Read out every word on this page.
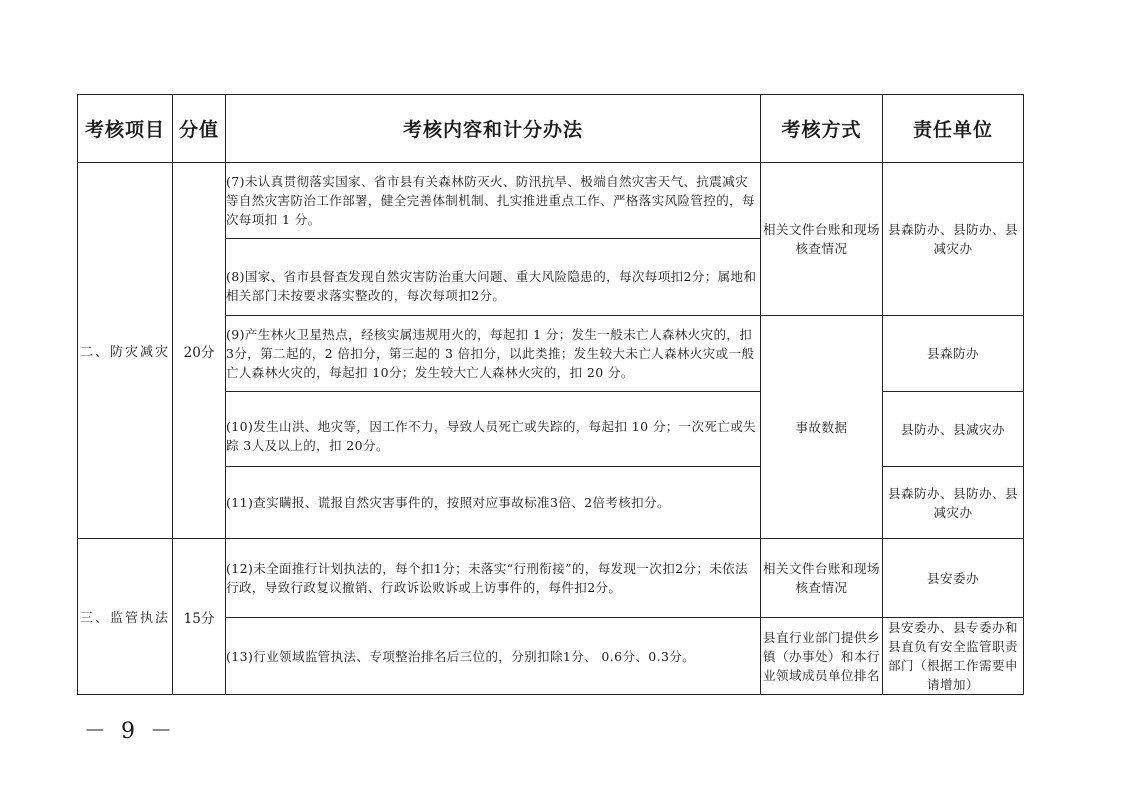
考核项目	分值	考核内容和计分办法	考核方式	责任单位
二、防灾减灾	20分	(7)未认真贯彻落实国家、省市县有关森林防灭火、防汛抗旱、极端自然灾害天气、抗震减灾等自然灾害防治工作部署，健全完善体制机制、扎实推进重点工作、严格落实风险管控的，每次每项扣 1 分。	相关文件台账和现场核查情况	县森防办、县防办、县减灾办
		(8)国家、省市县督查发现自然灾害防治重大问题、重大风险隐患的，每次每项扣2分；属地和相关部门未按要求落实整改的，每次每项扣2分。		
		(9)产生林火卫星热点，经核实属违规用火的，每起扣 1 分；发生一般未亡人森林火灾的，扣 3分，第二起的，2 倍扣分，第三起的 3 倍扣分，以此类推；发生较大未亡人森林火灾或一般亡人森林火灾的，每起扣 10分；发生较大亡人森林火灾的，扣 20 分。	事故数据	县森防办
		(10)发生山洪、地灾等，因工作不力，导致人员死亡或失踪的，每起扣 10 分；一次死亡或失踪 3人及以上的，扣 20分。		县防办、县减灾办
		(11)查实瞒报、谎报自然灾害事件的，按照对应事故标准3倍、2倍考核扣分。		县森防办、县防办、县减灾办
三、监管执法	15分	(12)未全面推行计划执法的，每个扣1分；未落实“行刑衔接”的，每发现一次扣2分；未依法行政，导致行政复议撤销、行政诉讼败诉或上访事件的，每件扣2分。	相关文件台账和现场核查情况	县安委办
		(13)行业领域监管执法、专项整治排名后三位的，分别扣除1分、 0.6分、0.3分。	县直行业部门提供乡镇（办事处）和本行业领域成员单位排名	县安委办、县专委办和县直负有安全监管职责部门（根据工作需要申请增加）
－ 9 －
